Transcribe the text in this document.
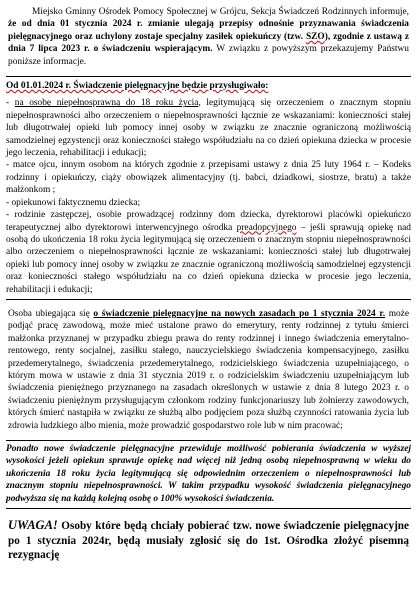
Miejsko Gminny Ośrodek Pomocy Społecznej w Grójcu, Sekcja Świadczeń Rodzinnych informuje, że od dnia 01 stycznia 2024 r. zmianie ulegają przepisy odnośnie przyznawania świadczenia pielęgnacyjnego oraz uchylony zostaje specjalny zasiłek opiekuńczy (tzw. SZO), zgodnie z ustawą z dnia 7 lipca 2023 r. o świadczeniu wspierającym. W związku z powyższym przekazujemy Państwu poniższe informacje.

Od 01.01.2024 r. Świadczenie pielęgnacyjne będzie przysługiwało:

- na osobę niepełnosprawną do 18 roku życia, legitymującą się orzeczeniem o znacznym stopniu niepełnosprawności albo orzeczeniem o niepełnosprawności łącznie ze wskazaniami: konieczności stałej lub długotrwałej opieki lub pomocy innej osoby w związku ze znacznie ograniczoną możliwością samodzielnej egzystencji oraz konieczności stałego współudziału na co dzień opiekuna dziecka w procesie jego leczenia, rehabilitacji i edukacji;

- matce ojcu, innym osobom na których zgodnie z przepisami ustawy z dnia 25 luty 1964 r. – Kodeks rodzinny i opiekuńczy, ciąży obowiązek alimentacyjny (tj. babci, dziadkowi, siostrze, bratu) a także małżonkom ;

- opiekunowi faktycznemu dziecka;

- rodzinie zastępczej, osobie prowadzącej rodzinny dom dziecka, dyrektorowi placówki opiekuńczo terapeutycznej albo dyrektorowi interwencyjnego ośrodka preadopcyjnego – jeśli sprawują opiekę nad osobą do ukończenia 18 roku życia legitymującą się orzeczeniem o znacznym stopniu niepełnosprawności albo orzeczeniem o niepełnosprawności łącznie ze wskazaniami: konieczności stałej lub długotrwałej opieki lub pomocy innej osoby w związku ze znacznie ograniczoną możliwością samodzielnej egzystencji oraz konieczności stałego współudziału na co dzień opiekuna dziecka w procesie jego leczenia, rehabilitacji i edukacji;

Osoba ubiegająca się o świadczenie pielęgnacyjne na nowych zasadach po 1 stycznia 2024 r. może podjąć pracę zawodową, może mieć ustalone prawo do emerytury, renty rodzinnej z tytułu śmierci małżonka przyznanej w przypadku zbiegu prawa do renty rodzinnej i innego świadczenia emerytalno-rentowego, renty socjalnej, zasiłku stałego, nauczycielskiego świadczenia kompensacyjnego, zasiłku przedemerytalnego, świadczenia przedemerytalnego, rodzicielskiego świadczenia uzupełniającego, o którym mowa w ustawie z dnia 31 stycznia 2019 r. o rodzicielskim świadczeniu uzupełniającym lub świadczenia pieniężnego przyznanego na zasadach określonych w ustawie z dnia 8 lutego 2023 r. o świadczeniu pieniężnym przysługującym członkom rodziny funkcjonariuszy lub żołnierzy zawodowych, których śmierć nastąpiła w związku ze służbą albo podjęciem poza służbą czynności ratowania życia lub zdrowia ludzkiego albo mienia, może prowadzić gospodarstwo role lub w nim pracować;

Ponadto nowe świadczenie pielęgnacyjne przewiduje możliwość pobierania świadczenia w wyższej wysokości jeżeli opiekun sprawuje opiekę nad więcej niż jedną osobą niepełnosprawną w wieku do ukończenia 18 roku życia legitymującą się odpowiednim orzeczeniem o niepełnosprawności lub znacznym stopniu niepełnosprawności. W takim przypadku wysokość świadczenia pielęgnacyjnego podwyższa się na każdą kolejną osobę o 100% wysokości świadczenia.

UWAGA! Osoby które będą chciały pobierać tzw. nowe świadczenie pielęgnacyjne po 1 stycznia 2024r, będą musiały zgłosić się do 1st. Ośrodka złożyć pisemną rezygnację
